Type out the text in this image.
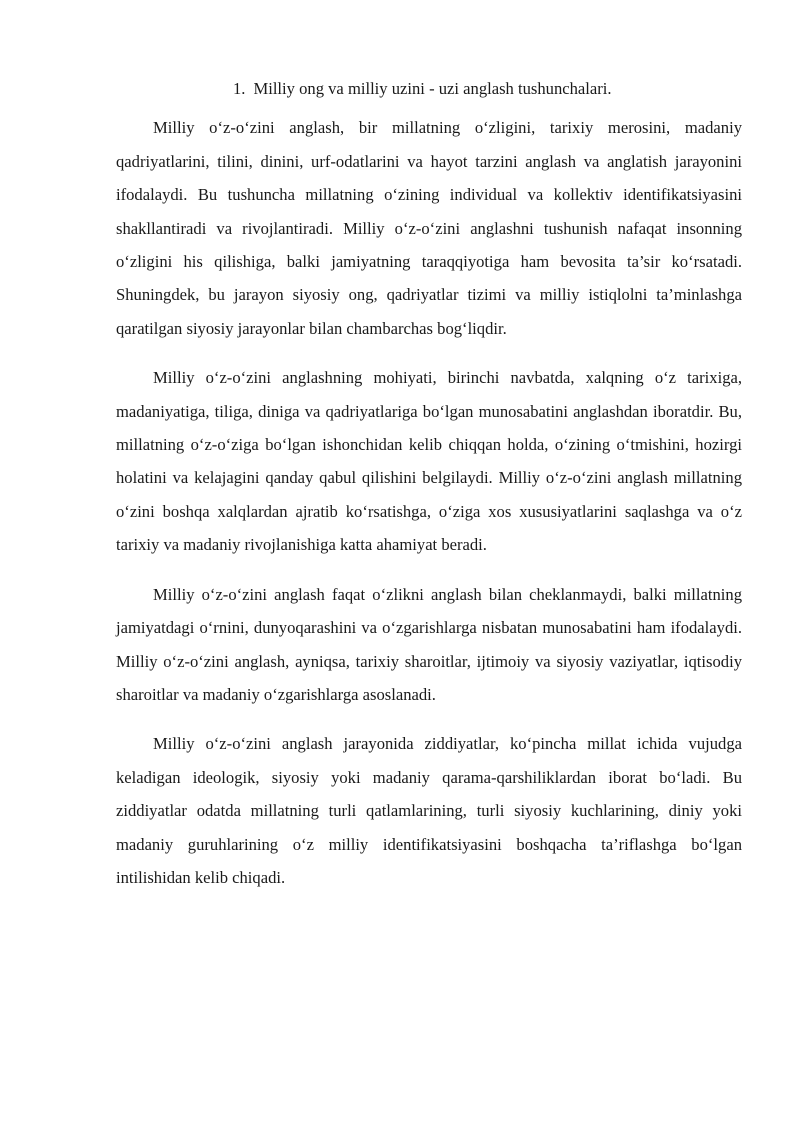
1. Milliy ong va milliy uzini - uzi anglash tushunchalari.

Milliy o‘z-o‘zini anglash, bir millatning o‘zligini, tarixiy merosini, madaniy qadriyatlarini, tilini, dinini, urf-odatlarini va hayot tarzini anglash va anglatish jarayonini ifodalaydi. Bu tushuncha millatning o‘zining individual va kollektiv identifikatsiyasini shakllantiradi va rivojlantiradi. Milliy o‘z-o‘zini anglashni tushunish nafaqat insonning o‘zligini his qilishiga, balki jamiyatning taraqqiyotiga ham bevosita ta’sir ko‘rsatadi. Shuningdek, bu jarayon siyosiy ong, qadriyatlar tizimi va milliy istiqlolni ta’minlashga qaratilgan siyosiy jarayonlar bilan chambarchas bog‘liqdir.

Milliy o‘z-o‘zini anglashning mohiyati, birinchi navbatda, xalqning o‘z tarixiga, madaniyatiga, tiliga, diniga va qadriyatlariga bo‘lgan munosabatini anglashdan iboratdir. Bu, millatning o‘z-o‘ziga bo‘lgan ishonchidan kelib chiqqan holda, o‘zining o‘tmishini, hozirgi holatini va kelajagini qanday qabul qilishini belgilaydi. Milliy o‘z-o‘zini anglash millatning o‘zini boshqa xalqlardan ajratib ko‘rsatishga, o‘ziga xos xususiyatlarini saqlashga va o‘z tarixiy va madaniy rivojlanishiga katta ahamiyat beradi.

Milliy o‘z-o‘zini anglash faqat o‘zlikni anglash bilan cheklanmaydi, balki millatning jamiyatdagi o‘rnini, dunyoqarashini va o‘zgarishlarga nisbatan munosabatini ham ifodalaydi. Milliy o‘z-o‘zini anglash, ayniqsa, tarixiy sharoitlar, ijtimoiy va siyosiy vaziyatlar, iqtisodiy sharoitlar va madaniy o‘zgarishlarga asoslanadi.

Milliy o‘z-o‘zini anglash jarayonida ziddiyatlar, ko‘pincha millat ichida vujudga keladigan ideologik, siyosiy yoki madaniy qarama-qarshiliklardan iborat bo‘ladi. Bu ziddiyatlar odatda millatning turli qatlamlarining, turli siyosiy kuchlarining, diniy yoki madaniy guruhlarining o‘z milliy identifikatsiyasini boshqacha ta’riflashga bo‘lgan intilishidan kelib chiqadi.
